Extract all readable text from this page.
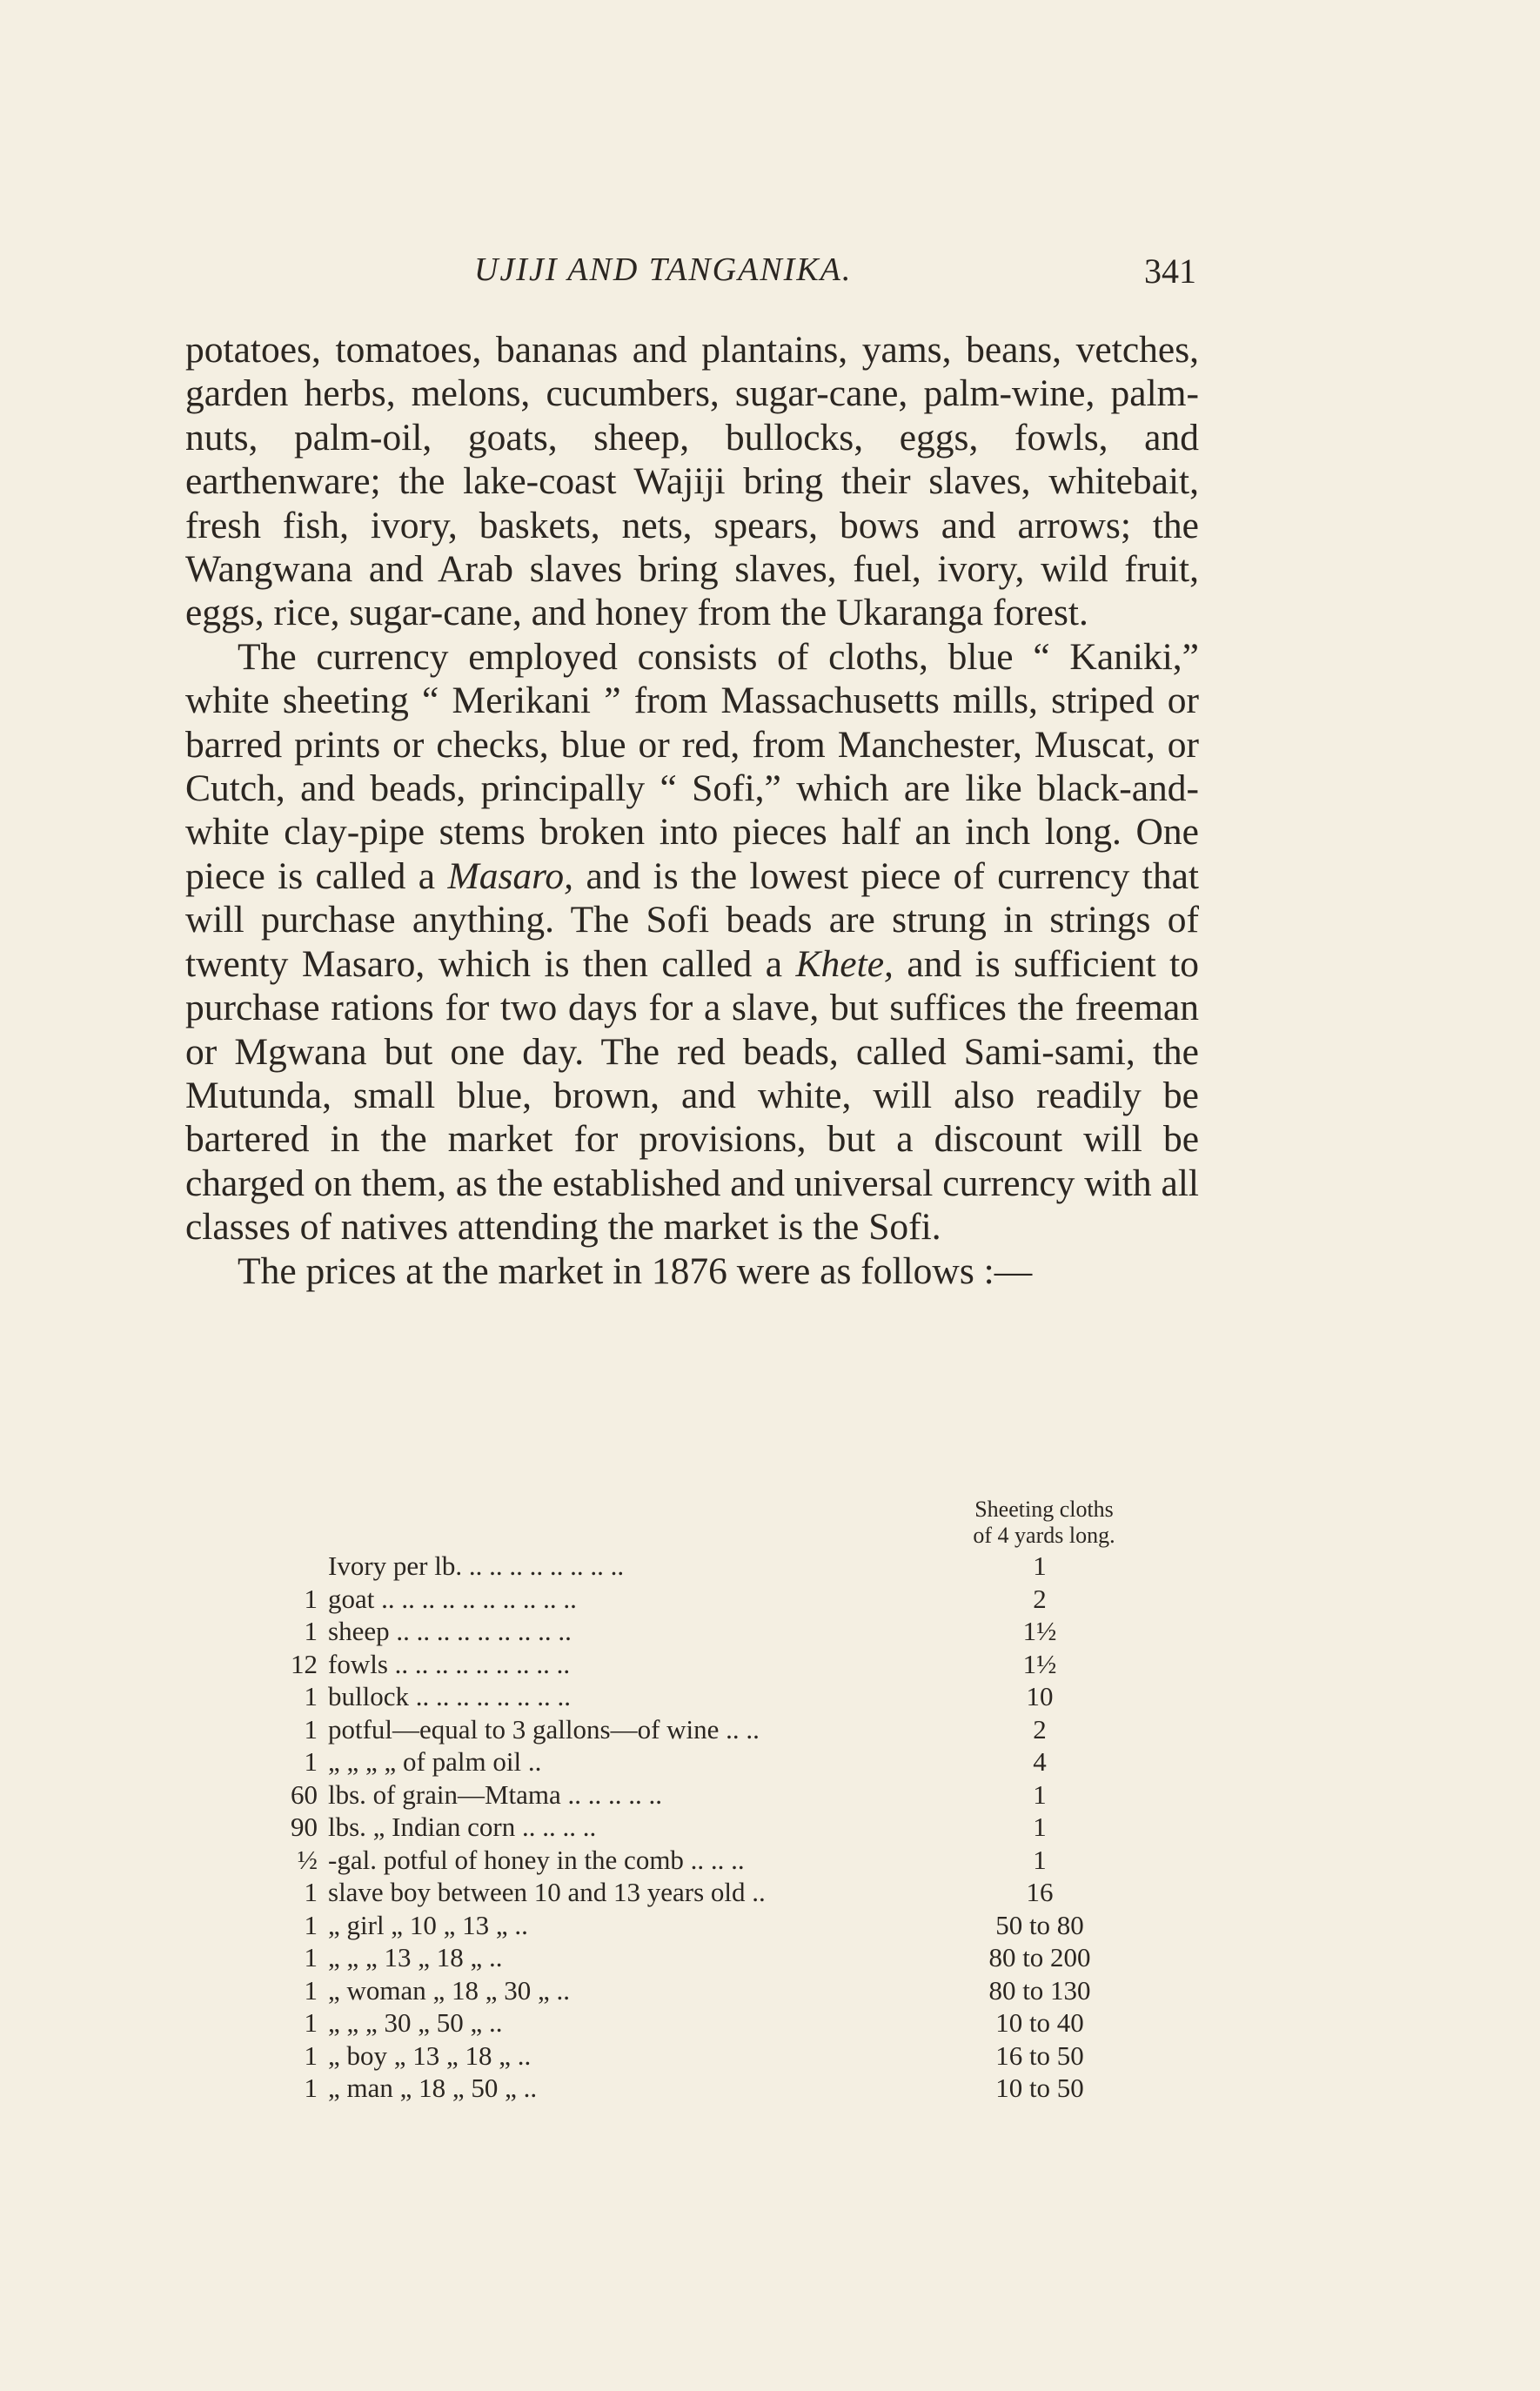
UJIJI AND TANGANIKA.	341

potatoes, tomatoes, bananas and plantains, yams, beans, vetches, garden herbs, melons, cucumbers, sugar-cane, palm-wine, palm-nuts, palm-oil, goats, sheep, bullocks, eggs, fowls, and earthenware; the lake-coast Wajiji bring their slaves, whitebait, fresh fish, ivory, baskets, nets, spears, bows and arrows; the Wangwana and Arab slaves bring slaves, fuel, ivory, wild fruit, eggs, rice, sugar-cane, and honey from the Ukaranga forest.

The currency employed consists of cloths, blue “ Kaniki,” white sheeting “ Merikani ” from Massachusetts mills, striped or barred prints or checks, blue or red, from Manchester, Muscat, or Cutch, and beads, principally “ Sofi,” which are like black-and-white clay-pipe stems broken into pieces half an inch long. One piece is called a Masaro, and is the lowest piece of currency that will purchase anything. The Sofi beads are strung in strings of twenty Masaro, which is then called a Khete, and is sufficient to purchase rations for two days for a slave, but suffices the freeman or Mgwana but one day. The red beads, called Sami-sami, the Mutunda, small blue, brown, and white, will also readily be bartered in the market for provisions, but a discount will be charged on them, as the established and universal currency with all classes of natives attending the market is the Sofi.

The prices at the market in 1876 were as follows :—

Sheeting cloths
of 4 yards long.
Ivory per lb. .. .. .. .. .. .. .. ..	1
1 goat .. .. .. .. .. .. .. .. .. ..	2
1 sheep .. .. .. .. .. .. .. .. ..	1½
12 fowls .. .. .. .. .. .. .. .. ..	1½
1 bullock .. .. .. .. .. .. .. ..	10
1 potful—equal to 3 gallons—of wine .. ..	2
1 „ „ „ „ of palm oil ..	4
60 lbs. of grain—Mtama .. .. .. .. ..	1
90 lbs. „ Indian corn .. .. .. ..	1
½ -gal. potful of honey in the comb .. .. ..	1
1 slave boy between 10 and 13 years old ..	16
1 „ girl „ 10 „ 13 „ ..	50 to 80
1 „ „ „ 13 „ 18 „ ..	80 to 200
1 „ woman „ 18 „ 30 „ ..	80 to 130
1 „ „ „ 30 „ 50 „ ..	10 to 40
1 „ boy „ 13 „ 18 „ ..	16 to 50
1 „ man „ 18 „ 50 „ ..	10 to 50
